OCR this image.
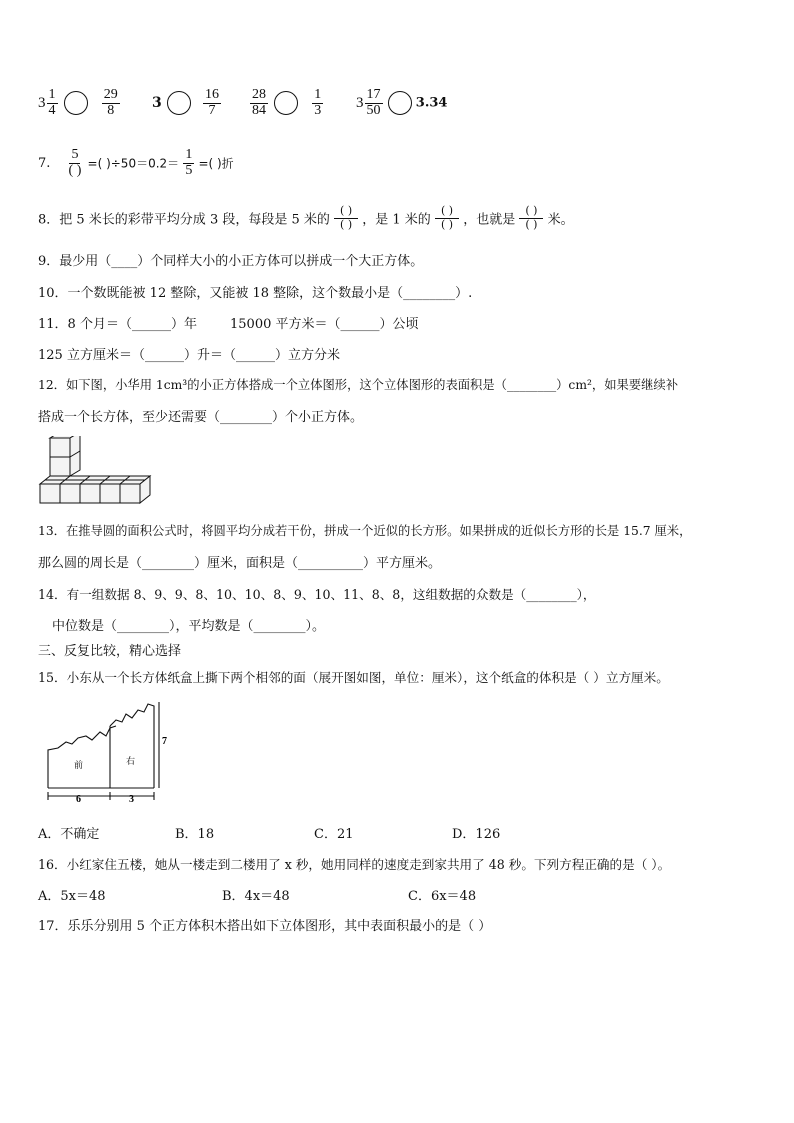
$3 \frac{1}{4}$
	$\frac{29}{8} 3$	$\frac{16}{7} \frac{28}{84}$
	$\frac{1}{3} 3 \frac{17}{50}$	3.34
7. $\frac{5}{( )}$ =( )$\div 50=0.2= \frac{1}{5}$ =( )折
8．把 5 米长的彩带平均分成 3 段，每段是 5 米的
( )
( ) ，是 1 米的
( )
( ) ，也就是
( )
( ) 米。
9．最少用（____）个同样大小的小正方体可以拼成一个大正方体。
10．一个数既能被 12 整除，又能被 18 整除，这个数最小是（________）.
11．8 个月＝（______）年	15000 平方米＝（______）公顷
125 立方厘米＝（______）升＝（______）立方分米
12．如下图，小华用 1cm³的小正方体搭成一个立体图形，这个立体图形的表面积是（________）cm²，如果要继续补
搭成一个长方体，至少还需要（________）个小正方体。
13．在推导圆的面积公式时，将圆平均分成若干份，拼成一个近似的长方形。如果拼成的近似长方形的长是 15.7 厘米，
那么圆的周长是（________）厘米，面积是（__________）平方厘米。
14．有一组数据 8、9、9、8、10、10、8、9、10、11、8、8，这组数据的众数是（________），
中位数是（________），平均数是（________）。
三、反复比较，精心选择
15．小东从一个长方体纸盒上撕下两个相邻的面（展开图如图，单位：厘米），这个纸盒的体积是（ ）立方厘米。
前	右
6	3
7
A．不确定	B．18	C．21	D．126
16．小红家住五楼，她从一楼走到二楼用了 x 秒，她用同样的速度走到家共用了 48 秒。下列方程正确的是（ ）。
A．5x＝48	B．4x＝48	C．6x＝48
17．乐乐分别用 5 个正方体积木搭出如下立体图形，其中表面积最小的是（ ）
